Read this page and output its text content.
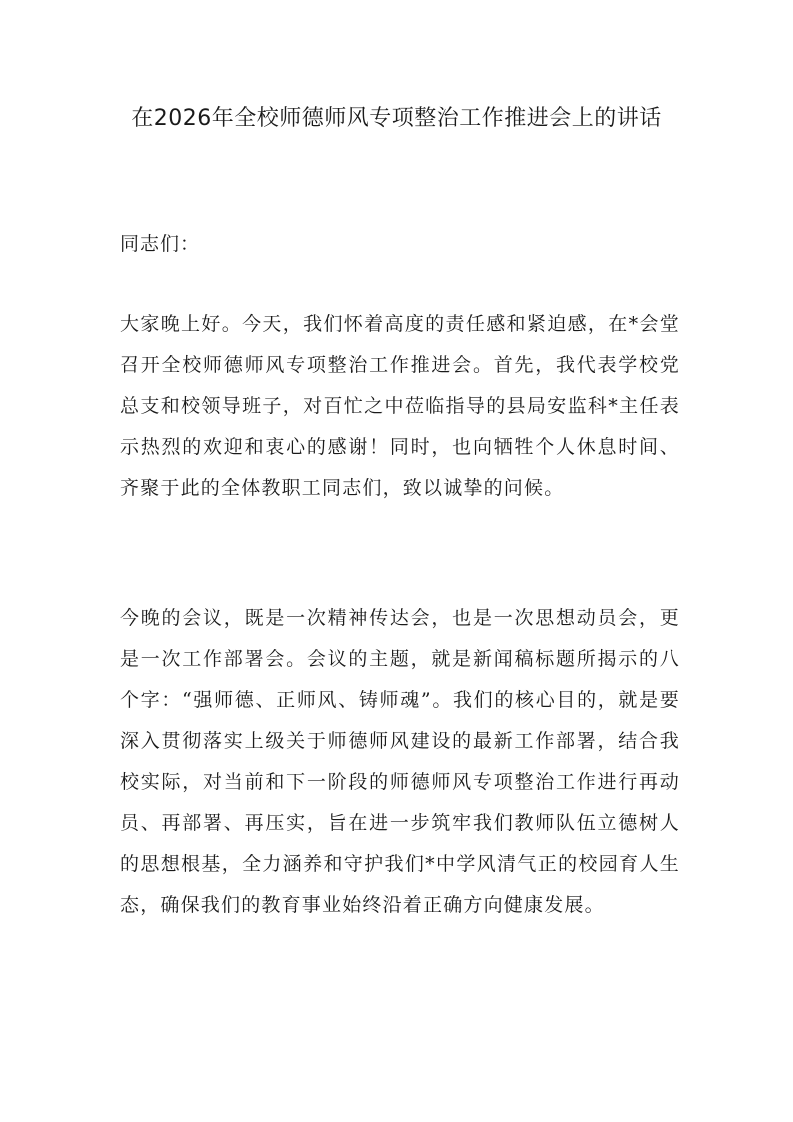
在2026年全校师德师风专项整治工作推进会上的讲话

同志们：

大家晚上好。今天，我们怀着高度的责任感和紧迫感，在*会堂召开全校师德师风专项整治工作推进会。首先，我代表学校党总支和校领导班子，对百忙之中莅临指导的县局安监科*主任表示热烈的欢迎和衷心的感谢！同时，也向牺牲个人休息时间、齐聚于此的全体教职工同志们，致以诚挚的问候。

今晚的会议，既是一次精神传达会，也是一次思想动员会，更是一次工作部署会。会议的主题，就是新闻稿标题所揭示的八个字：“强师德、正师风、铸师魂”。我们的核心目的，就是要深入贯彻落实上级关于师德师风建设的最新工作部署，结合我校实际，对当前和下一阶段的师德师风专项整治工作进行再动员、再部署、再压实，旨在进一步筑牢我们教师队伍立德树人的思想根基，全力涵养和守护我们*中学风清气正的校园育人生态，确保我们的教育事业始终沿着正确方向健康发展。
